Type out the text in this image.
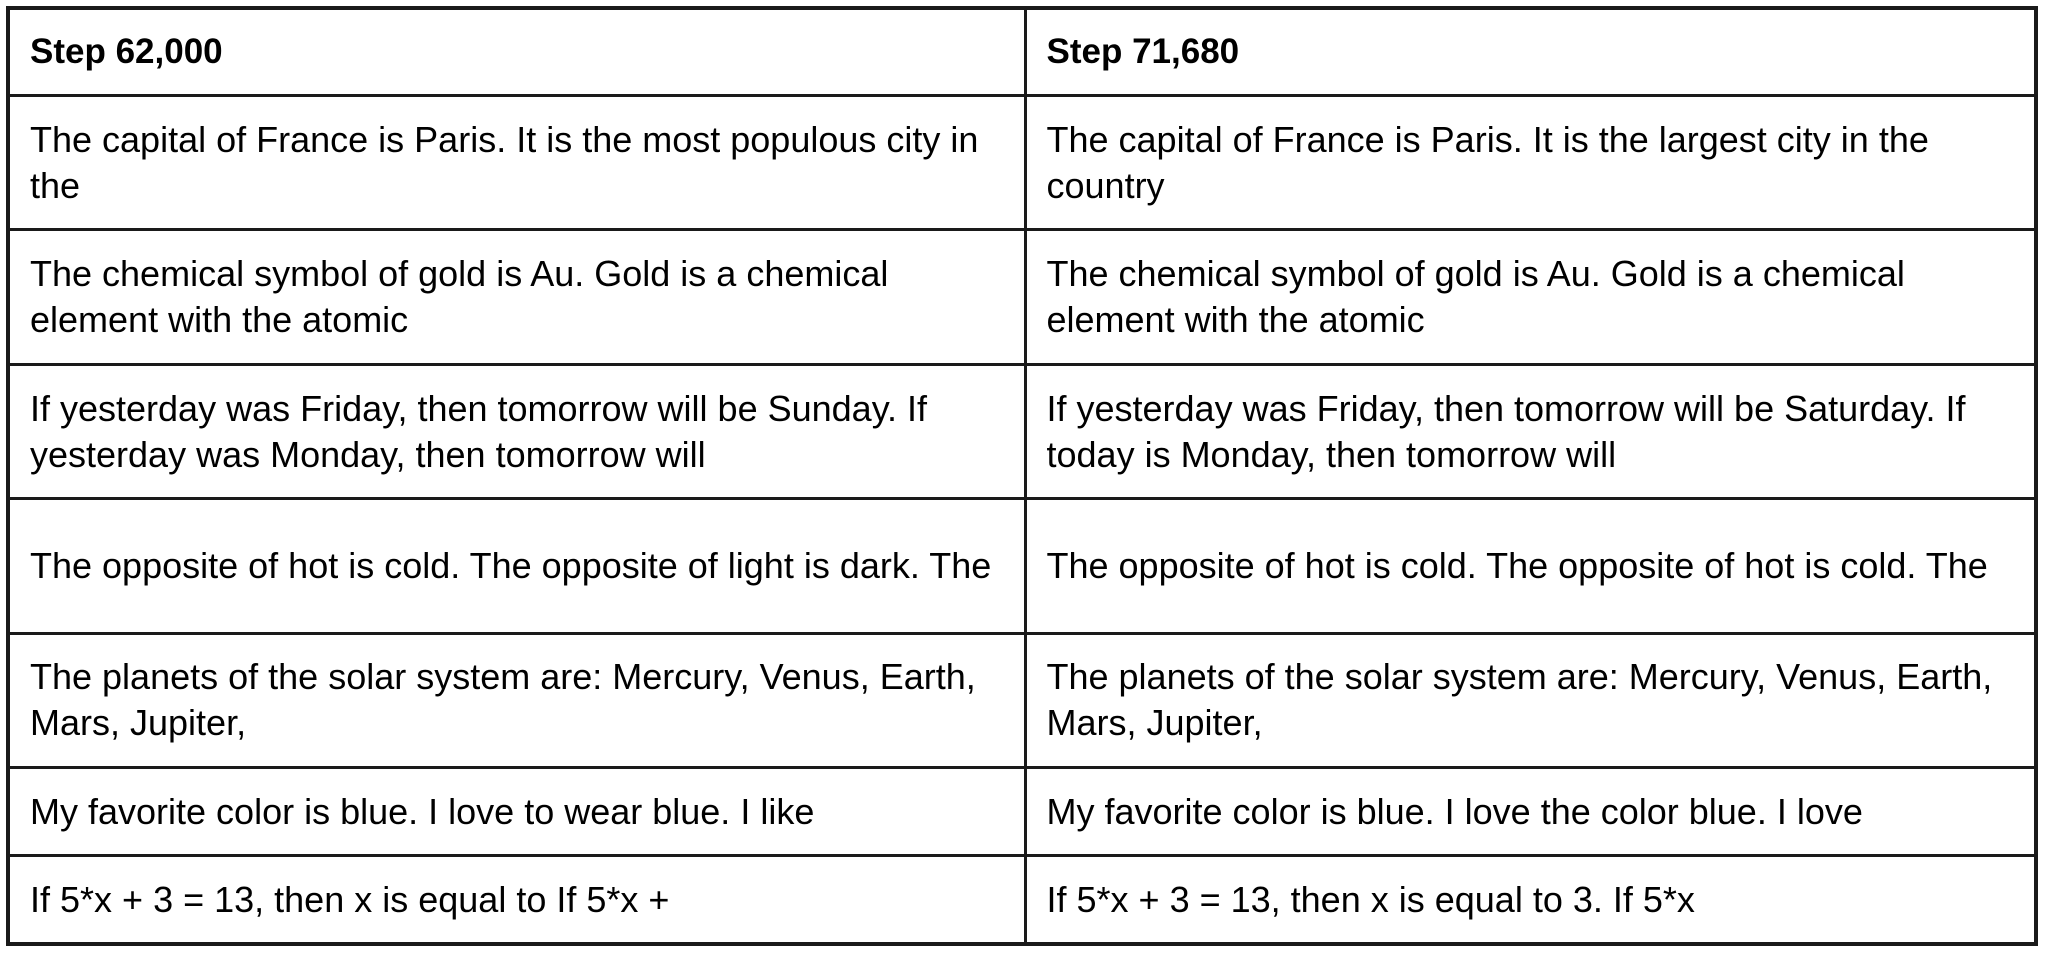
Step 62,000	Step 71,680
The capital of France is Paris. It is the most populous city in the	The capital of France is Paris. It is the largest city in the country
The chemical symbol of gold is Au. Gold is a chemical element with the atomic	The chemical symbol of gold is Au. Gold is a chemical element with the atomic
If yesterday was Friday, then tomorrow will be Sunday. If yesterday was Monday, then tomorrow will	If yesterday was Friday, then tomorrow will be Saturday. If today is Monday, then tomorrow will
The opposite of hot is cold. The opposite of light is dark. The	The opposite of hot is cold. The opposite of hot is cold. The
The planets of the solar system are: Mercury, Venus, Earth, Mars, Jupiter,	The planets of the solar system are: Mercury, Venus, Earth, Mars, Jupiter,
My favorite color is blue. I love to wear blue. I like	My favorite color is blue. I love the color blue. I love
If 5*x + 3 = 13, then x is equal to If 5*x +	If 5*x + 3 = 13, then x is equal to 3. If 5*x
